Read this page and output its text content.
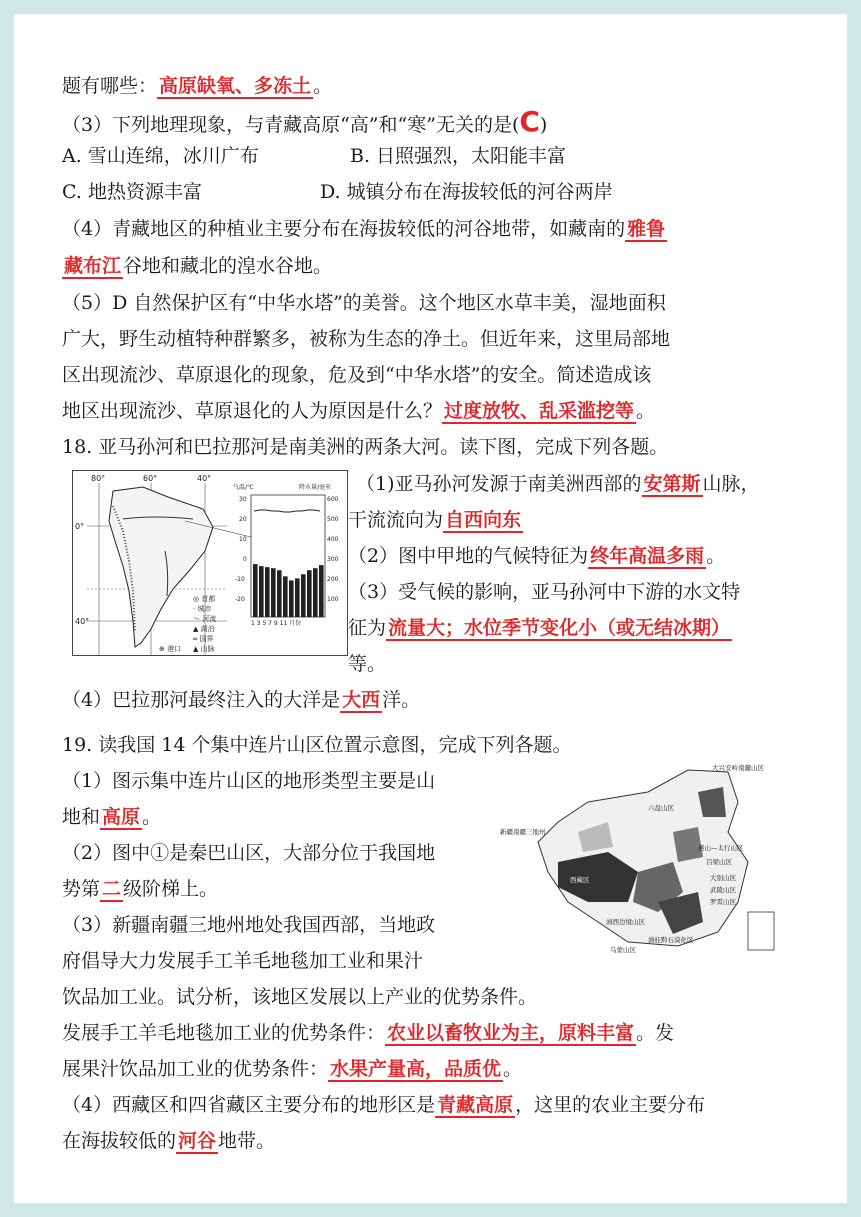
题有哪些： 高原缺氧、多冻土 。
（3）下列地理现象，与青藏高原“高”和“寒”无关的是(C)
A. 雪山连绵，冰川广布	B. 日照强烈，太阳能丰富
C. 地热资源丰富	D. 城镇分布在海拔较低的河谷两岸
（4）青藏地区的种植业主要分布在海拔较低的河谷地带，如藏南的 雅鲁
藏布江 谷地和藏北的湟水谷地。
（5）D 自然保护区有“中华水塔”的美誉。这个地区水草丰美，湿地面积
广大，野生动植特种群繁多，被称为生态的净土。但近年来，这里局部地
区出现流沙、草原退化的现象，危及到“中华水塔”的安全。简述造成该
地区出现流沙、草原退化的人为原因是什么？ 过度放牧、乱采滥挖等 。
18. 亚马孙河和巴拉那河是南美洲的两条大河。读下图，完成下列各题。
80°	60°	40°
0°
40°
◎ 首都
· 城市
～ 河流
▲ 湖泊
═ 国界
▲ 山脉
⊕ 港口
气温/℃	降水量/毫米
30
20
10
0
-10
-20
600
500
400
300
200
100
1 3 5 7 9 11 月份
（1)亚马孙河发源于南美洲西部的 安第斯 山脉，
干流流向为 自西向东
（2）图中甲地的气候特征为 终年高温多雨 。
（3）受气候的影响，亚马孙河中下游的水文特
征为 流量大；水位季节变化小（或无结冰期）
等。
（4）巴拉那河最终注入的大洋是 大西 洋。
19. 读我国 14 个集中连片山区位置示意图，完成下列各题。
（1）图示集中连片山区的地形类型主要是山
地和 高原 。
（2）图中①是秦巴山区，大部分位于我国地
势第 二 级阶梯上。
（3）新疆南疆三地州地处我国西部，当地政
府倡导大力发展手工羊毛地毯加工业和果汁
大兴安岭南麓山区
六盘山区
新疆南疆三地州
西藏区
燕山—太行山区
吕梁山区
大别山区
武陵山区
罗霄山区
滇西边境山区
乌蒙山区
滇桂黔石漠化区
饮品加工业。试分析，该地区发展以上产业的优势条件。
发展手工羊毛地毯加工业的优势条件： 农业以畜牧业为主，原料丰富 。发
展果汁饮品加工业的优势条件： 水果产量高，品质优 。
（4）西藏区和四省藏区主要分布的地形区是 青藏高原 ，这里的农业主要分布
在海拔较低的 河谷 地带。
